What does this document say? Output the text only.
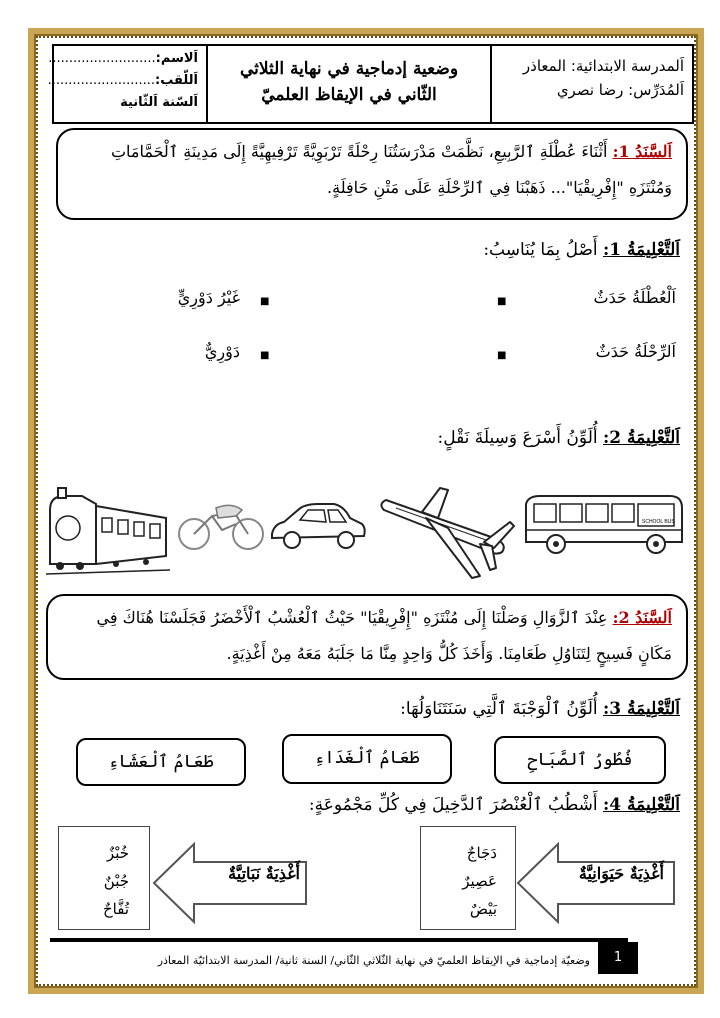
اَلمدرسة الابتدائية: المعاذر
اَلمُدَرِّس: رضا نصري
وضعية إدماجية في نهاية الثلاثي
الثّاني في الإيقاظ العلميّ
اَلاسم:..........................
اَللّقب:..........................
اَلسّنة اَلثّانية
اَلسَّنَدُ 1: أَثْنَاءَ عُطْلَةِ ٱلرَّبِيعِ، نَظَّمَتْ مَدْرَسَتُنَا رِحْلَةً تَرْبَوِيَّةً تَرْفِيهِيَّةً إِلَى مَدِينَةِ ٱلْحَمَّامَاتِ وَمُنْتَزَهِ "إِفْرِيقْيَا"... ذَهَبْنَا فِي ٱلرِّحْلَةِ عَلَى مَتْنِ حَافِلَةٍ.
اَلتَّعْلِيمَةُ 1: أَصْلُ بِمَا يُنَاسِبُ:
اَلْعُطْلَةُ حَدَثٌ
■
■
غَيْرُ دَوْرِيٍّ
اَلرِّحْلَةُ حَدَثٌ
■
■
دَوْرِيٌّ
اَلتَّعْلِيمَةُ 2: أُلَوِّنُ أَسْرَعَ وَسِيلَةَ نَقْلٍ:
SCHOOL BUS
اَلسَّنَدُ 2: عِنْدَ ٱلزَّوَالِ وَصَلْنَا إِلَى مُنْتَزَهِ "إِفْرِيقْيَا" حَيْثُ ٱلْعُشْبُ ٱلْأَخْضَرُ فَجَلَسْنَا هُنَاكَ فِي مَكَانٍ فَسِيحٍ لِتَنَاوُلِ طَعَامِنَا. وَأَخَذَ كُلُّ وَاحِدٍ مِنَّا مَا جَلَبَهُ مَعَهُ مِنْ أَغْذِيَةٍ.
اَلتَّعْلِيمَةُ 3: أُلَوِّنُ ٱلْوَجْبَةَ ٱلَّتِي سَنَتَنَاوَلُهَا:
فُطُورُ ٱلصَّبَاحِ
طَعَامُ ٱلْغَدَاءِ
طَعَامُ ٱلْعَشَاءِ
اَلتَّعْلِيمَةُ 4: أَشْطُبُ ٱلْعُنْصُرَ ٱلدَّخِيلَ فِي كُلِّ مَجْمُوعَةٍ:
دَجَاجٌ
عَصِيرٌ
بَيْضٌ
أَغْذِيَةٌ حَيَوَانِيَّةٌ
خُبْزٌ
جُبْنٌ
تُفَّاحٌ
أَغْذِيَةٌ نَبَاتِيَّةٌ
1
وضعيّة إدماجية في الإيقاظ العلميّ في نهاية الثّلاثي الثّاني/ السنة ثانية/ المدرسة الابتدائيّة المعاذر
